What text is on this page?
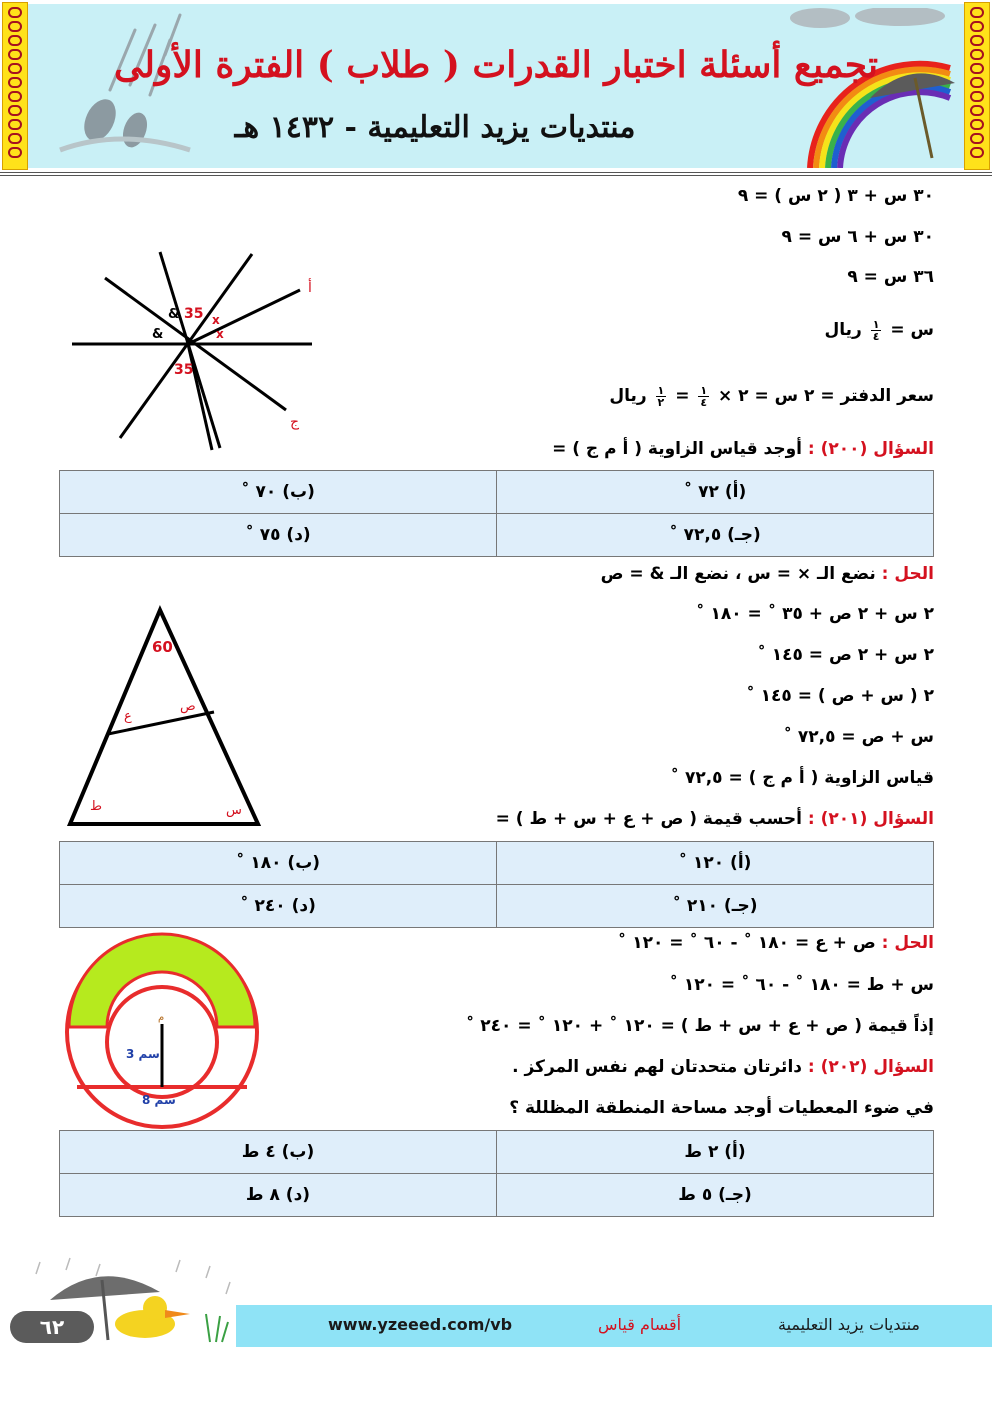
تجميع أسئلة اختبار القدرات ( طلاب ) الفترة الأولى
منتديات يزيد التعليمية - ١٤٣٢ هـ
٣٠ س + ٣ ( ٢ س ) = ٩
٣٠ س + ٦ س = ٩
٣٦ س = ٩
س =
$\frac{١}{٤}$
ريال
سعر الدفتر = ٢ س = ٢ ×
$\frac{١}{٤}$
=
$\frac{١}{٢}$
ريال
&
&
35
35
x
x
أ
ج
السؤال (٢٠٠) : أوجد قياس الزاوية ( أ م ج ) =
(ب) ٧٠ ˚	(أ) ٧٢ ˚
(د) ٧٥ ˚	(جـ) ٧٢,٥ ˚
الحل : نضع الـ × = س ، نضع الـ & = ص
٢ س + ٢ ص + ٣٥ ˚ = ١٨٠ ˚
٢ س + ٢ ص = ١٤٥ ˚
٢ ( س + ص ) = ١٤٥ ˚
س + ص = ٧٢,٥ ˚
قياس الزاوية ( أ م ج ) = ٧٢,٥ ˚
60
ص
ع
س
ط
السؤال (٢٠١) : أحسب قيمة ( ص + ع + س + ط ) =
(ب) ١٨٠ ˚	(أ) ١٢٠ ˚
(د) ٢٤٠ ˚	(جـ) ٢١٠ ˚
الحل : ص + ع = ١٨٠ ˚ - ٦٠ ˚ = ١٢٠ ˚
س + ط = ١٨٠ ˚ - ٦٠ ˚ = ١٢٠ ˚
إذاً قيمة ( ص + ع + س + ط ) = ١٢٠ ˚ + ١٢٠ ˚ = ٢٤٠ ˚
م
3 سم
8 سم
السؤال (٢٠٢) : دائرتان متحدتان لهم نفس المركز .
في ضوء المعطيات أوجد مساحة المنطقة المظللة ؟
(ب) ٤ ط	(أ) ٢ ط
(د) ٨ ط	(جـ) ٥ ط
٦٢	www.yzeeed.com/vb	أقسام قياس	منتديات يزيد التعليمية
